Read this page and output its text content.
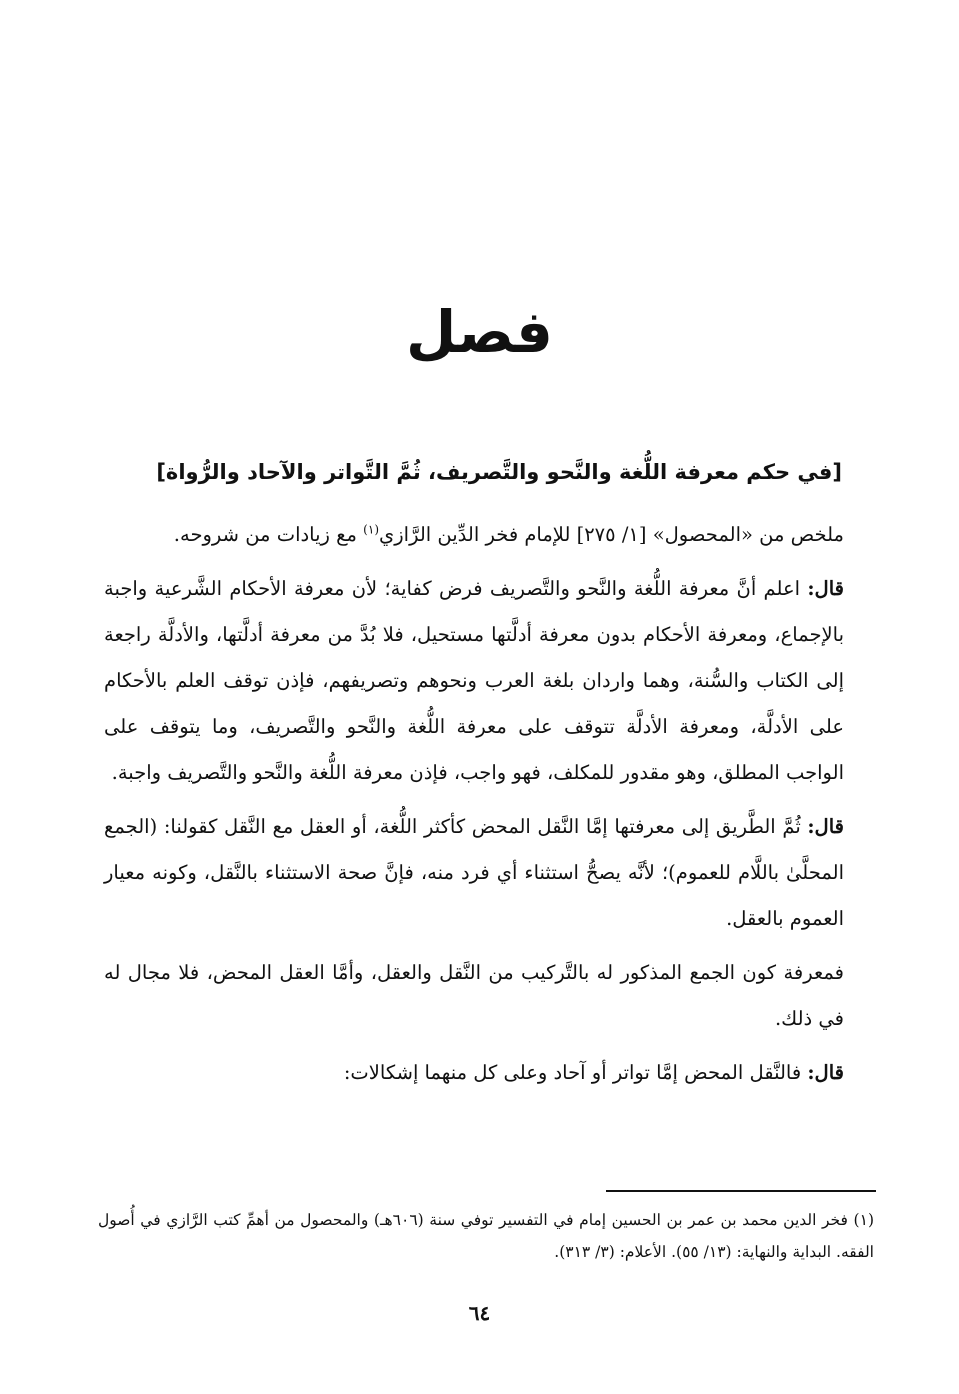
فصل
[في حكم معرفة اللُّغة والنَّحو والتَّصريف، ثُمَّ التَّواتر والآحاد والرُّواة]

ملخص من «المحصول» [١/ ٢٧٥] للإمام فخر الدِّين الرَّازي$^{(١)}$ مع زيادات من شروحه.

قال: اعلم أنَّ معرفة اللُّغة والنَّحو والتَّصريف فرض كفاية؛ لأن معرفة الأحكام الشَّرعية واجبة بالإجماع، ومعرفة الأحكام بدون معرفة أدلَّتها مستحيل، فلا بُدَّ من معرفة أدلَّتها، والأدلَّة راجعة إلى الكتاب والسُّنة، وهما واردان بلغة العرب ونحوهم وتصريفهم، فإذن توقف العلم بالأحكام على الأدلَّة، ومعرفة الأدلَّة تتوقف على معرفة اللُّغة والنَّحو والتَّصريف، وما يتوقف على الواجب المطلق، وهو مقدور للمكلف، فهو واجب، فإذن معرفة اللُّغة والنَّحو والتَّصريف واجبة.

قال: ثُمَّ الطَّريق إلى معرفتها إمَّا النَّقل المحض كأكثر اللُّغة، أو العقل مع النَّقل كقولنا: (الجمع المحلَّىٰ باللَّام للعموم)؛ لأنَّه يصحُّ استثناء أي فرد منه، فإنَّ صحة الاستثناء بالنَّقل، وكونه معيار العموم بالعقل.

فمعرفة كون الجمع المذكور له بالتَّركيب من النَّقل والعقل، وأمَّا العقل المحض، فلا مجال له في ذلك.

قال: فالنَّقل المحض إمَّا تواتر أو آحاد وعلى كل منهما إشكالات:

(١) فخر الدين محمد بن عمر بن الحسين إمام في التفسير توفي سنة (٦٠٦هـ) والمحصول من أهمِّ كتب الرَّازي في أُصول الفقه. البداية والنهاية: (١٣/ ٥٥). الأعلام: (٣/ ٣١٣).
٦٤
